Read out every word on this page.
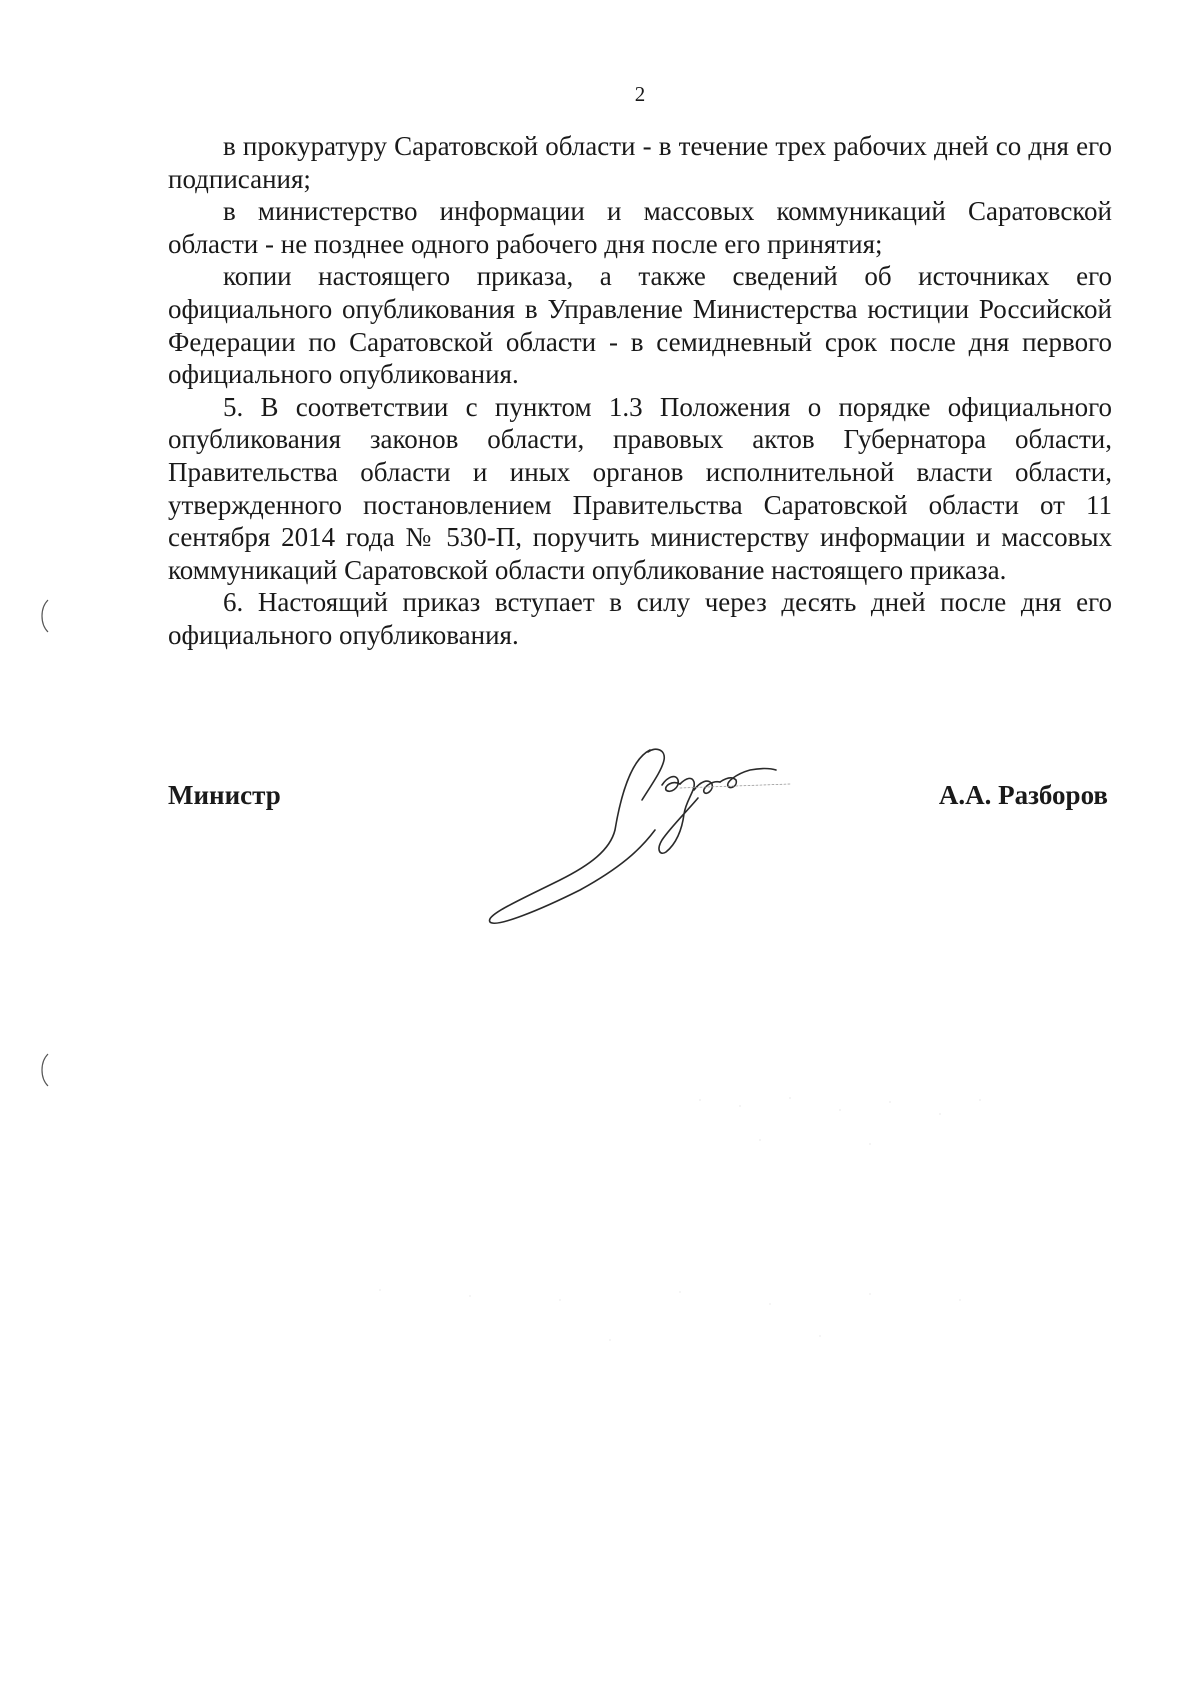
2

в прокуратуру Саратовской области - в течение трех рабочих дней со дня его подписания;

в министерство информации и массовых коммуникаций Саратовской области - не позднее одного рабочего дня после его принятия;

копии настоящего приказа, а также сведений об источниках его официального опубликования в Управление Министерства юстиции Российской Федерации по Саратовской области - в семидневный срок после дня первого официального опубликования.

5. В соответствии с пунктом 1.3 Положения о порядке официального опубликования законов области, правовых актов Губернатора области, Правительства области и иных органов исполнительной власти области, утвержденного постановлением Правительства Саратовской области от 11 сентября 2014 года № 530-П, поручить министерству информации и массовых коммуникаций Саратовской области опубликование настоящего приказа.

6. Настоящий приказ вступает в силу через десять дней после дня его официального опубликования.

Министр	А.А. Разборов
